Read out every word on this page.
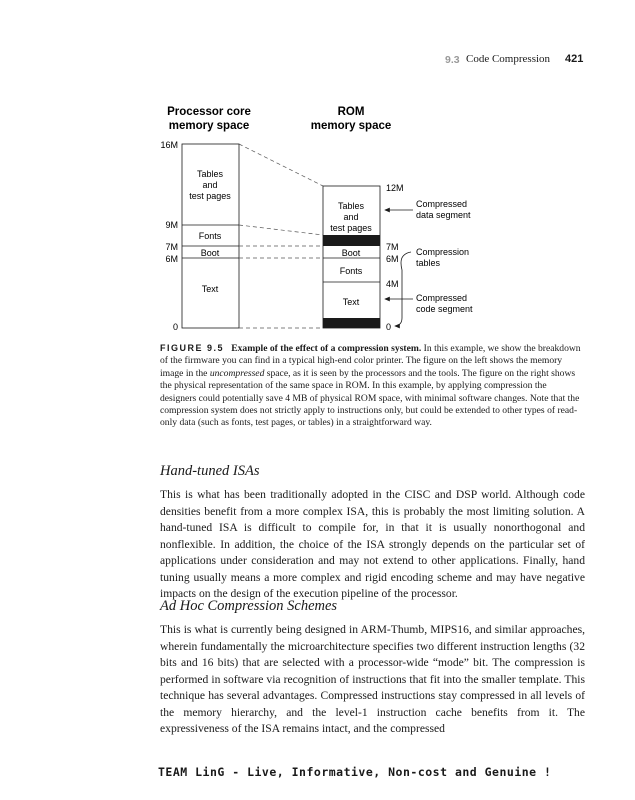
9.3 Code Compression 421
Processor core
memory space
ROM
memory space
Tables
and
test pages
Fonts
Boot
Text
16M
9M
7M
6M
0
Tables
and
test pages
Boot
Fonts
Text
12M
7M
6M
4M
0
Compressed
data segment
Compression
tables
Compressed
code segment
FIGURE 9.5 Example of the effect of a compression system. In this example, we show the breakdown of the firmware you can find in a typical high-end color printer. The figure on the left shows the memory image in the uncompressed space, as it is seen by the processors and the tools. The figure on the right shows the physical representation of the same space in ROM. In this example, by applying compression the designers could potentially save 4 MB of physical ROM space, with minimal software changes. Note that the compression system does not strictly apply to instructions only, but could be extended to other types of read-only data (such as fonts, test pages, or tables) in a straightforward way.
Hand-tuned ISAs
This is what has been traditionally adopted in the CISC and DSP world. Although code densities benefit from a more complex ISA, this is probably the most limiting solution. A hand-tuned ISA is difficult to compile for, in that it is usually nonorthogonal and nonflexible. In addition, the choice of the ISA strongly depends on the particular set of applications under consideration and may not extend to other applications. Finally, hand tuning usually means a more complex and rigid encoding scheme and may have negative impacts on the design of the execution pipeline of the processor.
Ad Hoc Compression Schemes
This is what is currently being designed in ARM-Thumb, MIPS16, and similar approaches, wherein fundamentally the microarchitecture specifies two different instruction lengths (32 bits and 16 bits) that are selected with a processor-wide “mode” bit. The compression is performed in software via recognition of instructions that fit into the smaller template. This technique has several advantages. Compressed instructions stay compressed in all levels of the memory hierarchy, and the level-1 instruction cache benefits from it. The expressiveness of the ISA remains intact, and the compressed
TEAM LinG - Live, Informative, Non-cost and Genuine !
